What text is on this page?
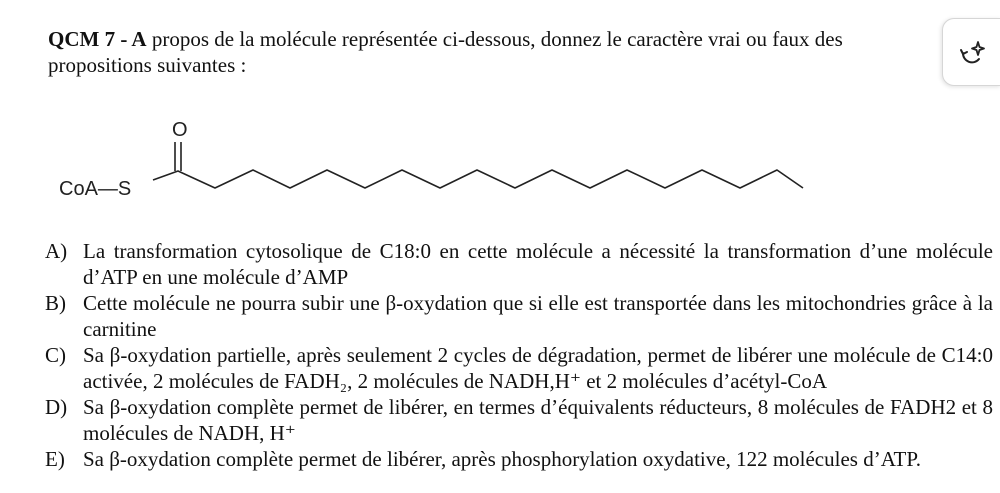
QCM 7 - A propos de la molécule représentée ci-dessous, donnez le caractère vrai ou faux des propositions suivantes :
CoA—S
O
A) La transformation cytosolique de C18:0 en cette molécule a nécessité la transformation d’une molécule d’ATP en une molécule d’AMP
B) Cette molécule ne pourra subir une β-oxydation que si elle est transportée dans les mitochondries grâce à la carnitine
C) Sa β-oxydation partielle, après seulement 2 cycles de dégradation, permet de libérer une molécule de C14:0 activée, 2 molécules de FADH₂, 2 molécules de NADH,H⁺ et 2 molécules d’acétyl-CoA
D) Sa β-oxydation complète permet de libérer, en termes d’équivalents réducteurs, 8 molécules de FADH2 et 8 molécules de NADH, H⁺
E) Sa β-oxydation complète permet de libérer, après phosphorylation oxydative, 122 molécules d’ATP.
